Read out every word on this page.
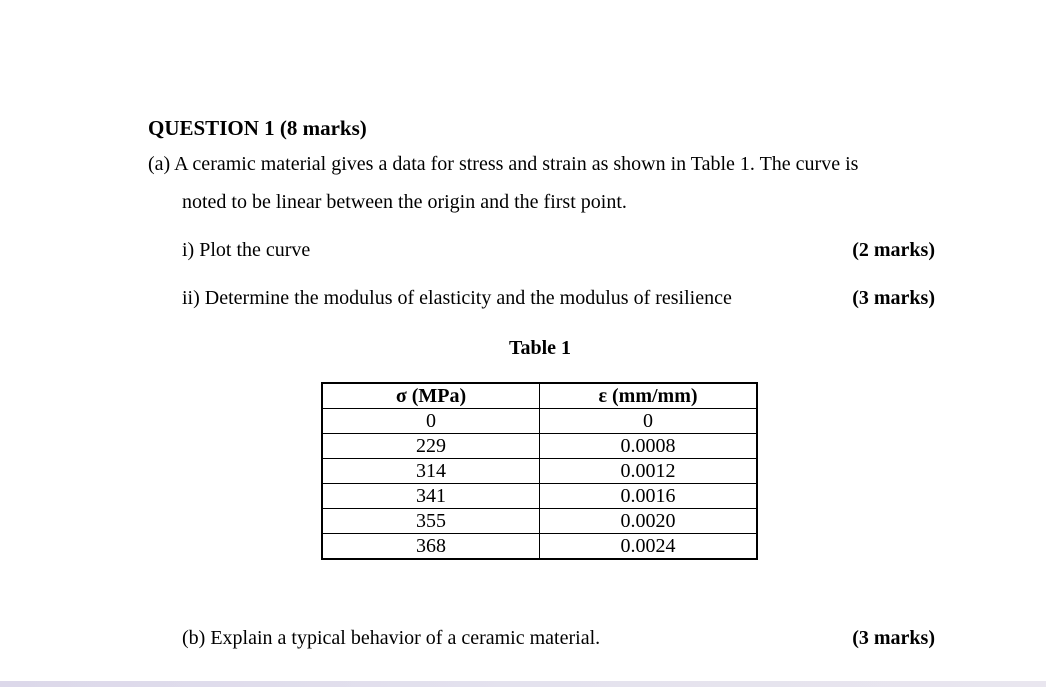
QUESTION 1 (8 marks)
(a) A ceramic material gives a data for stress and strain as shown in Table 1. The curve is
noted to be linear between the origin and the first point.
i) Plot the curve	(2 marks)
ii) Determine the modulus of elasticity and the modulus of resilience	(3 marks)
Table 1
σ (MPa)	ε (mm/mm)
0	0
229	0.0008
314	0.0012
341	0.0016
355	0.0020
368	0.0024
(b) Explain a typical behavior of a ceramic material.	(3 marks)
